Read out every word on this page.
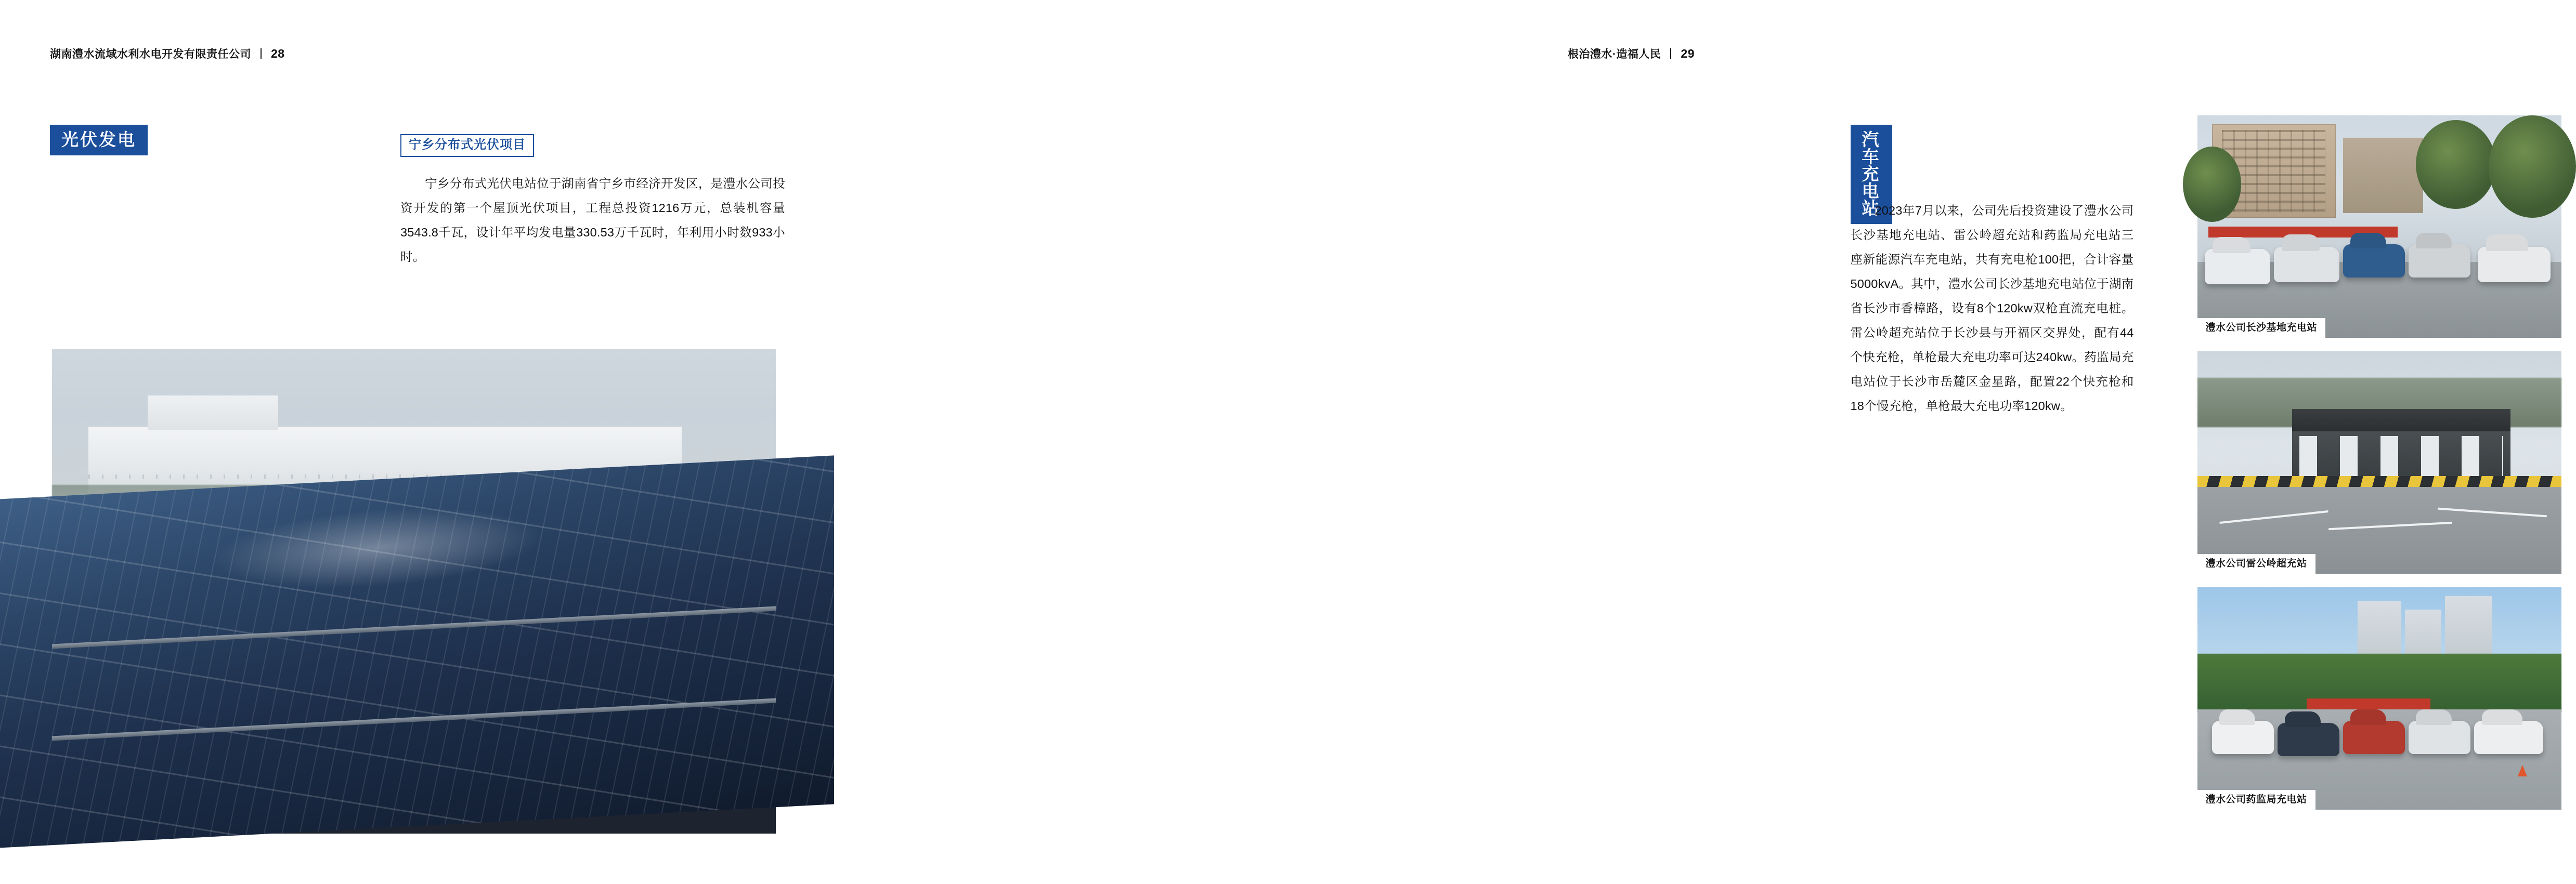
湖南澧水流域水利水电开发有限责任公司 28
光伏发电	宁乡分布式光伏项目

宁乡分布式光伏电站位于湖南省宁乡市经济开发区，是澧水公司投资开发的第一个屋顶光伏项目，工程总投资1216万元，总装机容量3543.8千瓦，设计年平均发电量330.53万千瓦时，年利用小时数933小时。

根治澧水·造福人民 29
汽车充电站

2023年7月以来，公司先后投资建设了澧水公司长沙基地充电站、雷公岭超充站和药监局充电站三座新能源汽车充电站，共有充电枪100把，合计容量5000kvA。其中，澧水公司长沙基地充电站位于湖南省长沙市香樟路，设有8个120kw双枪直流充电桩。雷公岭超充站位于长沙县与开福区交界处，配有44个快充枪，单枪最大充电功率可达240kw。药监局充电站位于长沙市岳麓区金星路，配置22个快充枪和18个慢充枪，单枪最大充电功率120kw。

澧水公司长沙基地充电站
澧水公司雷公岭超充站
澧水公司药监局充电站
